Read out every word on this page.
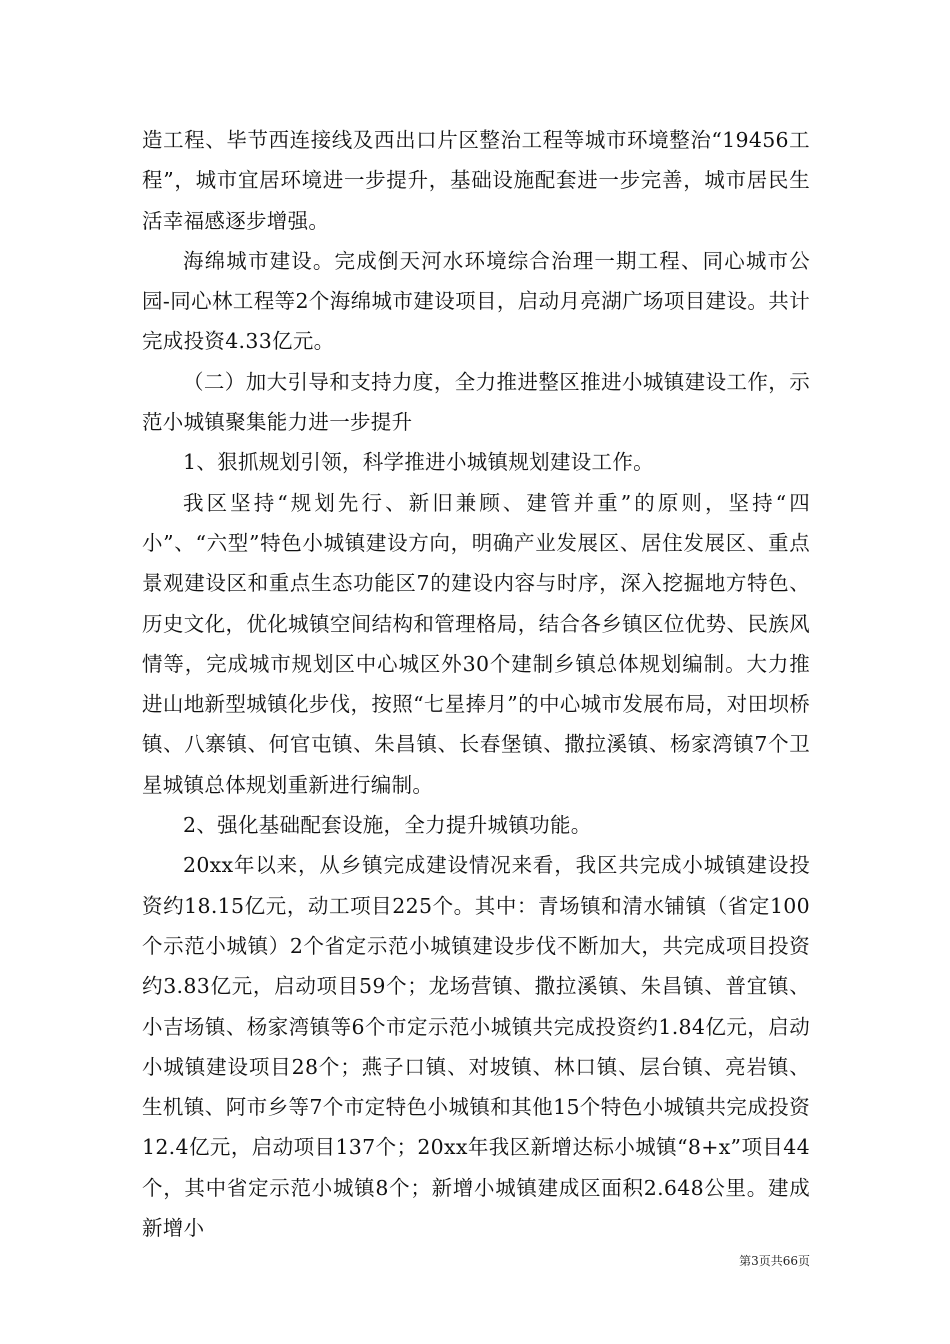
造工程、毕节西连接线及西出口片区整治工程等城市环境整治“19456工程”，城市宜居环境进一步提升，基础设施配套进一步完善，城市居民生活幸福感逐步增强。

海绵城市建设。完成倒天河水环境综合治理一期工程、同心城市公园-同心林工程等2个海绵城市建设项目，启动月亮湖广场项目建设。共计完成投资4.33亿元。

（二）加大引导和支持力度，全力推进整区推进小城镇建设工作，示范小城镇聚集能力进一步提升

1、狠抓规划引领，科学推进小城镇规划建设工作。

我区坚持“规划先行、新旧兼顾、建管并重”的原则，坚持“四小”、“六型”特色小城镇建设方向，明确产业发展区、居住发展区、重点景观建设区和重点生态功能区7的建设内容与时序，深入挖掘地方特色、历史文化，优化城镇空间结构和管理格局，结合各乡镇区位优势、民族风情等，完成城市规划区中心城区外30个建制乡镇总体规划编制。大力推进山地新型城镇化步伐，按照“七星捧月”的中心城市发展布局，对田坝桥镇、八寨镇、何官屯镇、朱昌镇、长春堡镇、撒拉溪镇、杨家湾镇7个卫星城镇总体规划重新进行编制。

2、强化基础配套设施，全力提升城镇功能。

20xx年以来，从乡镇完成建设情况来看，我区共完成小城镇建设投资约18.15亿元，动工项目225个。其中：青场镇和清水铺镇（省定100个示范小城镇）2个省定示范小城镇建设步伐不断加大，共完成项目投资约3.83亿元，启动项目59个；龙场营镇、撒拉溪镇、朱昌镇、普宜镇、小吉场镇、杨家湾镇等6个市定示范小城镇共完成投资约1.84亿元，启动小城镇建设项目28个；燕子口镇、对坡镇、林口镇、层台镇、亮岩镇、生机镇、阿市乡等7个市定特色小城镇和其他15个特色小城镇共完成投资12.4亿元，启动项目137个；20xx年我区新增达标小城镇“8+x”项目44个，其中省定示范小城镇8个；新增小城镇建成区面积2.648公里。建成新增小

第3页共66页
